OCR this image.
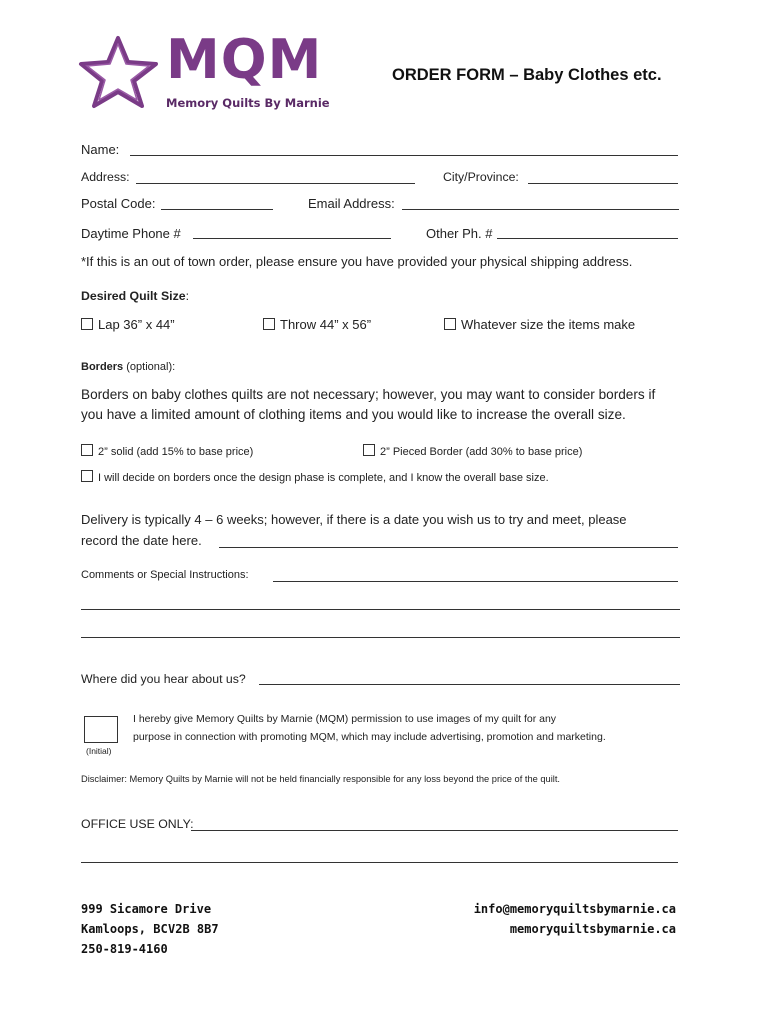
MQM
Memory Quilts By Marnie
ORDER FORM – Baby Clothes etc.
Name:
Address:	City/Province:
Postal Code:	Email Address:
Daytime Phone #	Other Ph. #
*If this is an out of town order, please ensure you have provided your physical shipping address.
Desired Quilt Size:
Lap 36” x 44”	Throw 44” x 56”	Whatever size the items make
Borders (optional):
Borders on baby clothes quilts are not necessary; however, you may want to consider borders if
you have a limited amount of clothing items and you would like to increase the overall size.
2” solid (add 15% to base price)	2” Pieced Border (add 30% to base price)
I will decide on borders once the design phase is complete, and I know the overall base size.
Delivery is typically 4 – 6 weeks; however, if there is a date you wish us to try and meet, please
record the date here.
Comments or Special Instructions:
Where did you hear about us?
(Initial)
I hereby give Memory Quilts by Marnie (MQM) permission to use images of my quilt for any
purpose in connection with promoting MQM, which may include advertising, promotion and marketing.
Disclaimer: Memory Quilts by Marnie will not be held financially responsible for any loss beyond the price of the quilt.
OFFICE USE ONLY:
999 Sicamore Drive
Kamloops, BC V2B 8B7
250-819-4160
info@memoryquiltsbymarnie.ca
memoryquiltsbymarnie.ca
